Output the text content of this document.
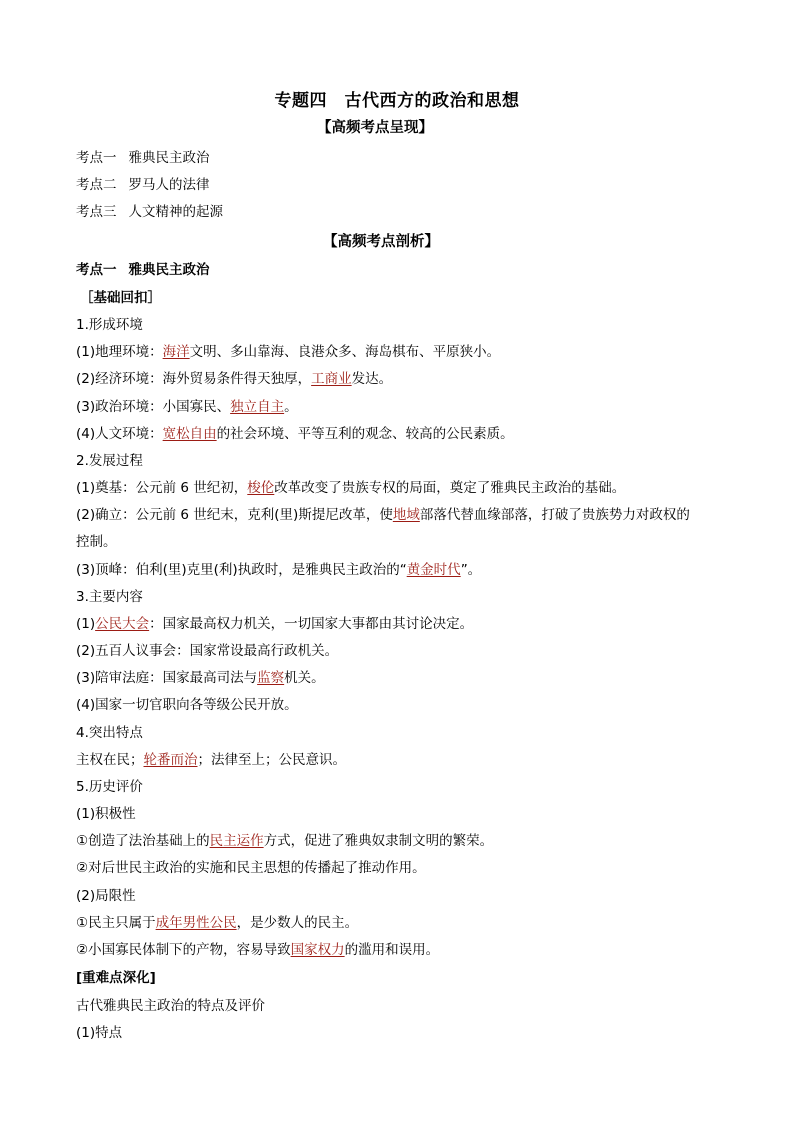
专题四　古代西方的政治和思想
【高频考点呈现】
考点一 雅典民主政治
考点二 罗马人的法律
考点三 人文精神的起源
【高频考点剖析】
考点一 雅典民主政治
［基础回扣］
1.形成环境
(1)地理环境：海洋文明、多山靠海、良港众多、海岛棋布、平原狭小。
(2)经济环境：海外贸易条件得天独厚，工商业发达。
(3)政治环境：小国寡民、独立自主。
(4)人文环境：宽松自由的社会环境、平等互利的观念、较高的公民素质。
2.发展过程
(1)奠基：公元前 6 世纪初，梭伦改革改变了贵族专权的局面，奠定了雅典民主政治的基础。
(2)确立：公元前 6 世纪末，克利(里)斯提尼改革，使地域部落代替血缘部落，打破了贵族势力对政权的
控制。
(3)顶峰：伯利(里)克里(利)执政时，是雅典民主政治的“黄金时代”。
3.主要内容
(1)公民大会：国家最高权力机关，一切国家大事都由其讨论决定。
(2)五百人议事会：国家常设最高行政机关。
(3)陪审法庭：国家最高司法与监察机关。
(4)国家一切官职向各等级公民开放。
4.突出特点
主权在民；轮番而治；法律至上；公民意识。
5.历史评价
(1)积极性
①创造了法治基础上的民主运作方式，促进了雅典奴隶制文明的繁荣。
②对后世民主政治的实施和民主思想的传播起了推动作用。
(2)局限性
①民主只属于成年男性公民，是少数人的民主。
②小国寡民体制下的产物，容易导致国家权力的滥用和误用。
[重难点深化]
古代雅典民主政治的特点及评价
(1)特点
